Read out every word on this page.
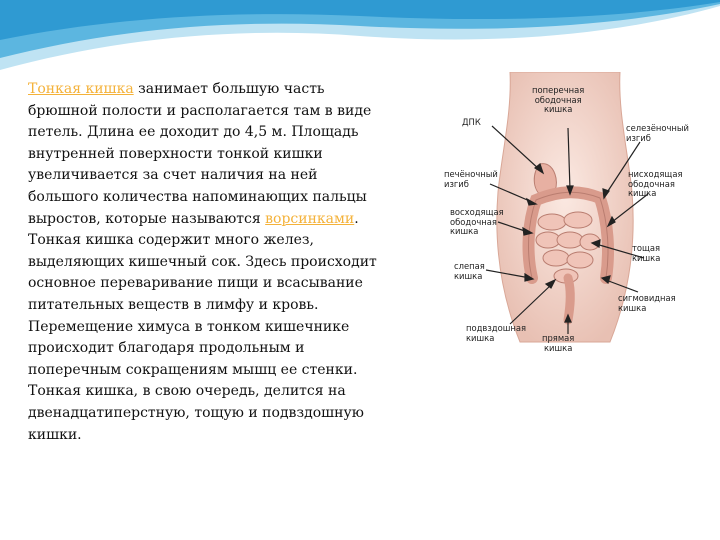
Тонкая кишка занимает большую часть брюшной полости и располагается там в виде петель. Длина ее доходит до 4,5 м. Площадь внутренней поверхности тонкой кишки увеличивается за счет наличия на ней большого количества напоминающих пальцы выростов, которые называются ворсинками. Тонкая кишка содержит много желез, выделяющих кишечный сок. Здесь происходит основное переваривание пищи и всасывание питательных веществ в лимфу и кровь. Перемещение химуса в тонком кишечнике происходит благодаря продольным и поперечным сокращениям мышц ее стенки.
Тонкая кишка, в свою очередь, делится на двенадцатиперстную, тощую и подвздошную кишки.

поперечная
ободочная
кишка
ДПК
селезёночный
изгиб
печёночный
изгиб
нисходящая
ободочная
кишка
восходящая
ободочная
кишка
тощая
кишка
слепая
кишка
сигмовидная
кишка
подвздошная
кишка	прямая
кишка
